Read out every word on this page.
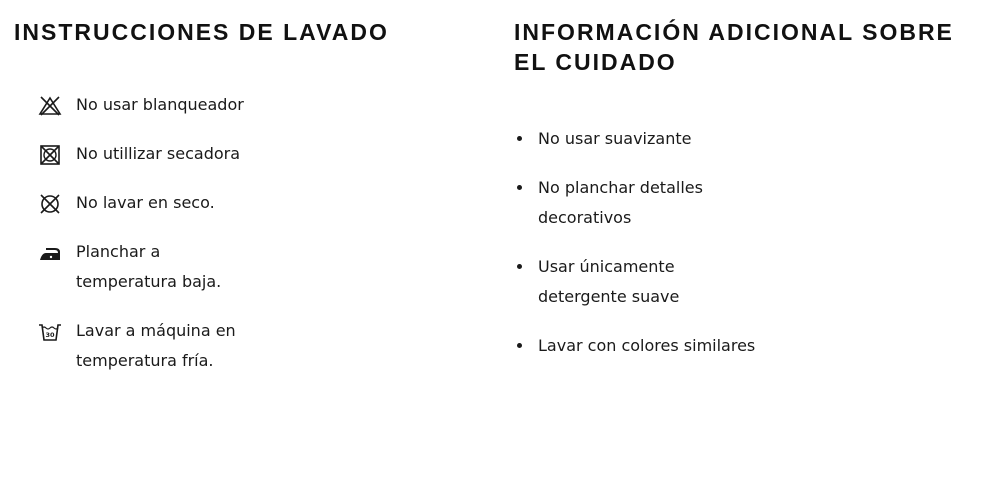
INSTRUCCIONES DE LAVADO
No usar blanqueador
No utillizar secadora
No lavar en seco.
Planchar a temperatura baja.
30 Lavar a máquina en temperatura fría.
INFORMACIÓN ADICIONAL SOBRE EL CUIDADO
No usar suavizante
No planchar detalles decorativos
Usar únicamente detergente suave
Lavar con colores similares
